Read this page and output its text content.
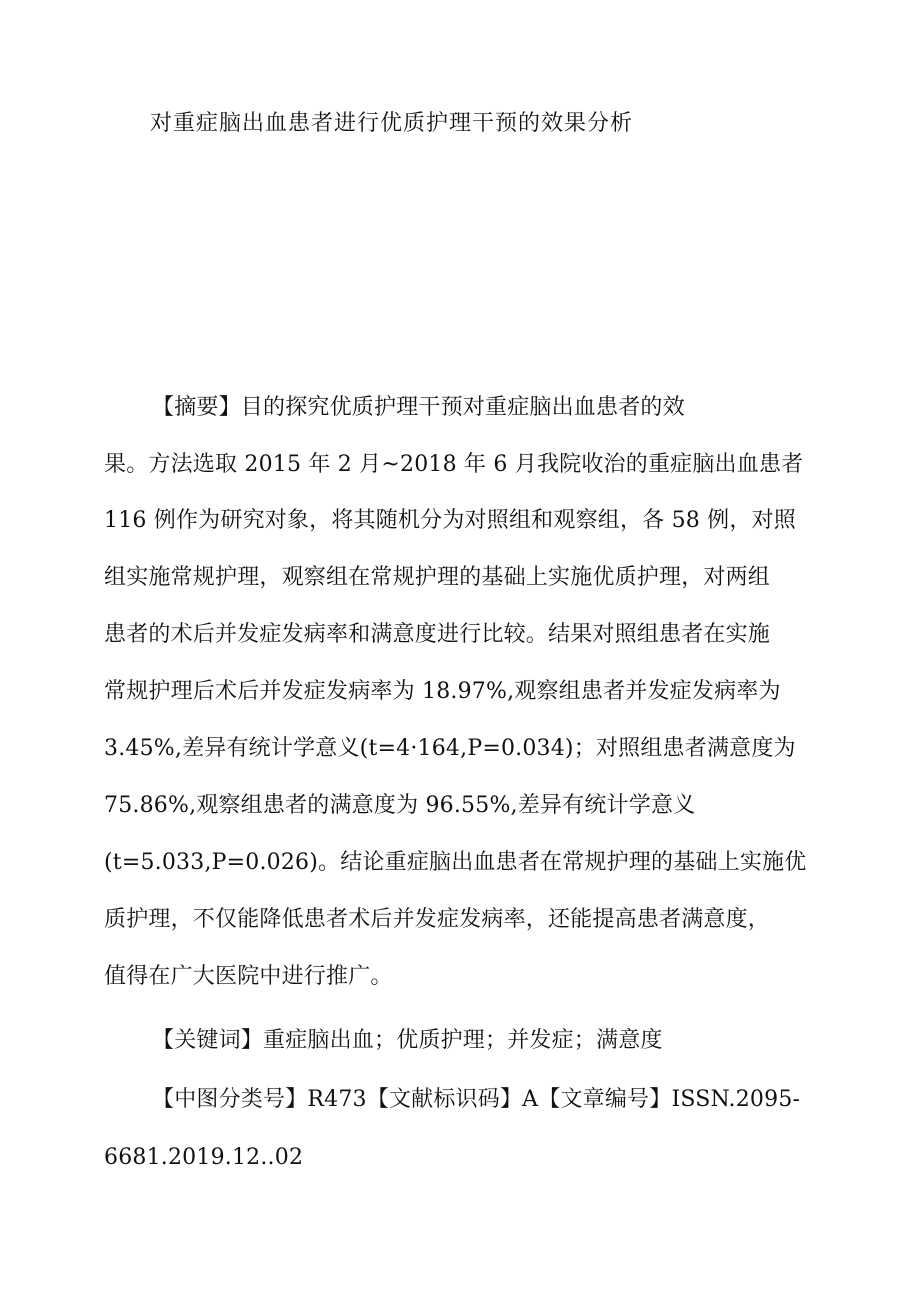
对重症脑出血患者进行优质护理干预的效果分析
【摘要】目的探究优质护理干预对重症脑出血患者的效
果。方法选取 2015 年 2 月~2018 年 6 月我院收治的重症脑出血患者
116 例作为研究对象，将其随机分为对照组和观察组，各 58 例，对照
组实施常规护理，观察组在常规护理的基础上实施优质护理，对两组
患者的术后并发症发病率和满意度进行比较。结果对照组患者在实施
常规护理后术后并发症发病率为 18.97%,观察组患者并发症发病率为
3.45%,差异有统计学意义(t=4·164,P=0.034)；对照组患者满意度为
75.86%,观察组患者的满意度为 96.55%,差异有统计学意义
(t=5.033,P=0.026)。结论重症脑出血患者在常规护理的基础上实施优
质护理，不仅能降低患者术后并发症发病率，还能提高患者满意度，
值得在广大医院中进行推广。
【关键词】重症脑出血；优质护理；并发症；满意度
【中图分类号】R473【文献标识码】A【文章编号】ISSN.2095-
6681.2019.12..02
